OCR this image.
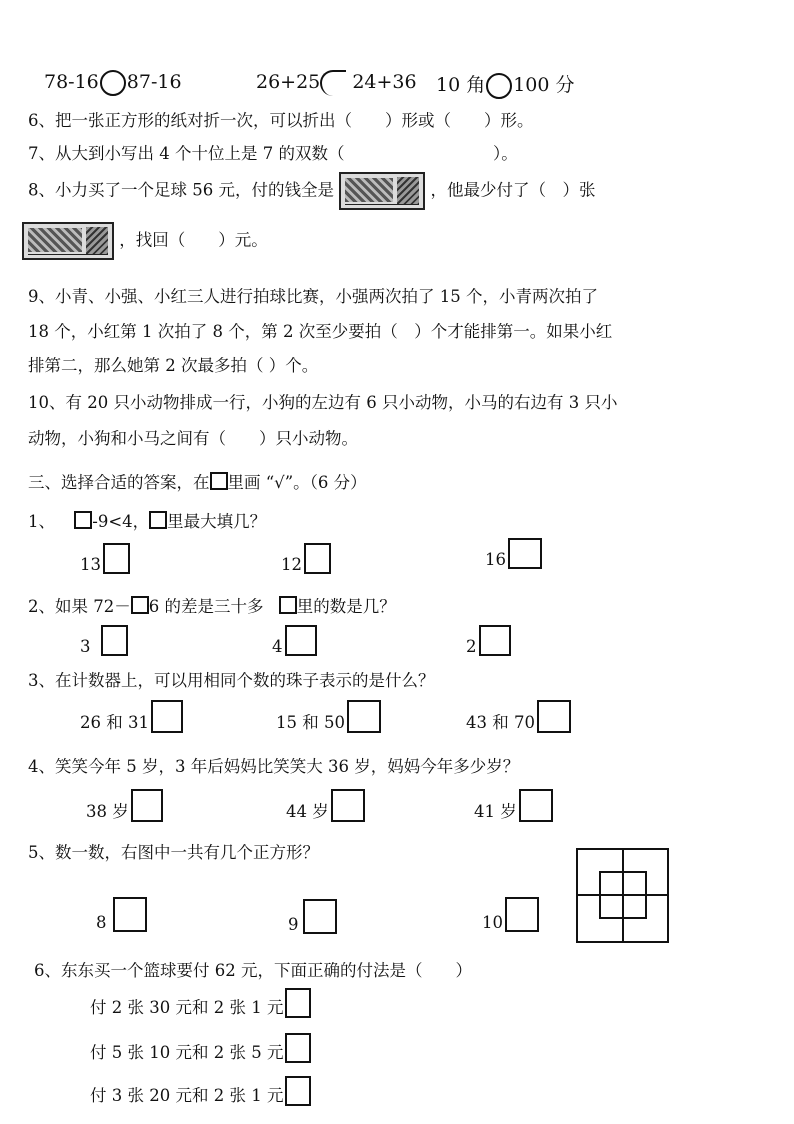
78-16 87-16	26+25 24+36 10 角 100 分
6、把一张正方形的纸对折一次，可以折出（　　）形或（　　）形。
7、从大到小写出 4 个十位上是 7 的双数（　　　　　　　　　）。
8、小力买了一个足球 56 元，付的钱全是	，他最少付了（　）张
，找回（　　）元。
9、小青、小强、小红三人进行拍球比赛，小强两次拍了 15 个，小青两次拍了
18 个，小红第 1 次拍了 8 个，第 2 次至少要拍（　）个才能排第一。如果小红
排第二，那么她第 2 次最多拍（ ）个。
10、有 20 只小动物排成一行，小狗的左边有 6 只小动物，小马的右边有 3 只小
动物，小狗和小马之间有（　　）只小动物。
三、选择合适的答案，在 里画 “√”。（6 分）
1、 -9<4， 里最大填几？
13	12	16
2、如果 72－ 6 的差是三十多 里的数是几？
3	4	2
3、在计数器上，可以用相同个数的珠子表示的是什么？
26 和 31	15 和 50	43 和 70
4、笑笑今年 5 岁，3 年后妈妈比笑笑大 36 岁，妈妈今年多少岁？
38 岁	44 岁	41 岁
5、数一数，右图中一共有几个正方形？
8	9	10
6、东东买一个篮球要付 62 元，下面正确的付法是（　　）
付 2 张 30 元和 2 张 1 元
付 5 张 10 元和 2 张 5 元
付 3 张 20 元和 2 张 1 元
